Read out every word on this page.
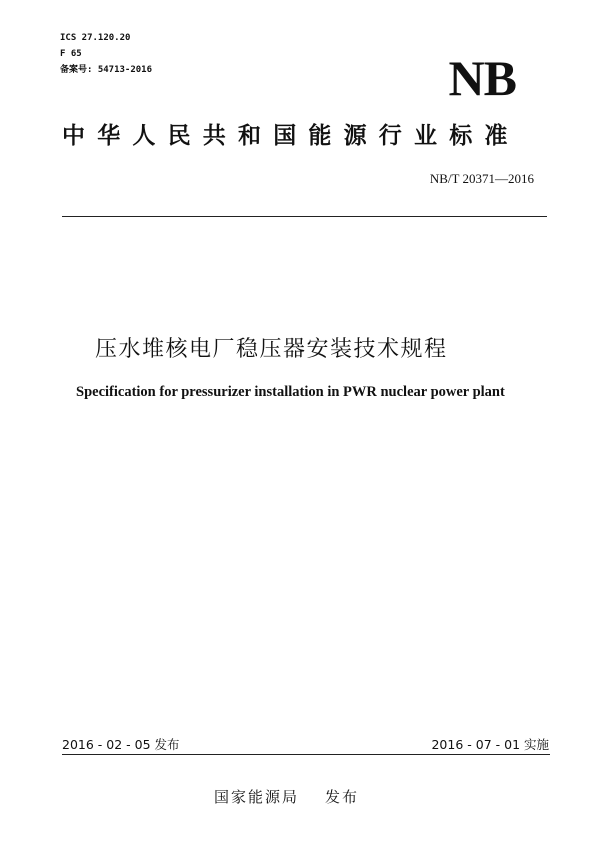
ICS 27.120.20
F 65
备案号: 54713-2016	NB
中华人民共和国能源行业标准
NB/T 20371—2016
压水堆核电厂稳压器安装技术规程
Specification for pressurizer installation in PWR nuclear power plant
2016 - 02 - 05 发布	2016 - 07 - 01 实施
国家能源局 发布
